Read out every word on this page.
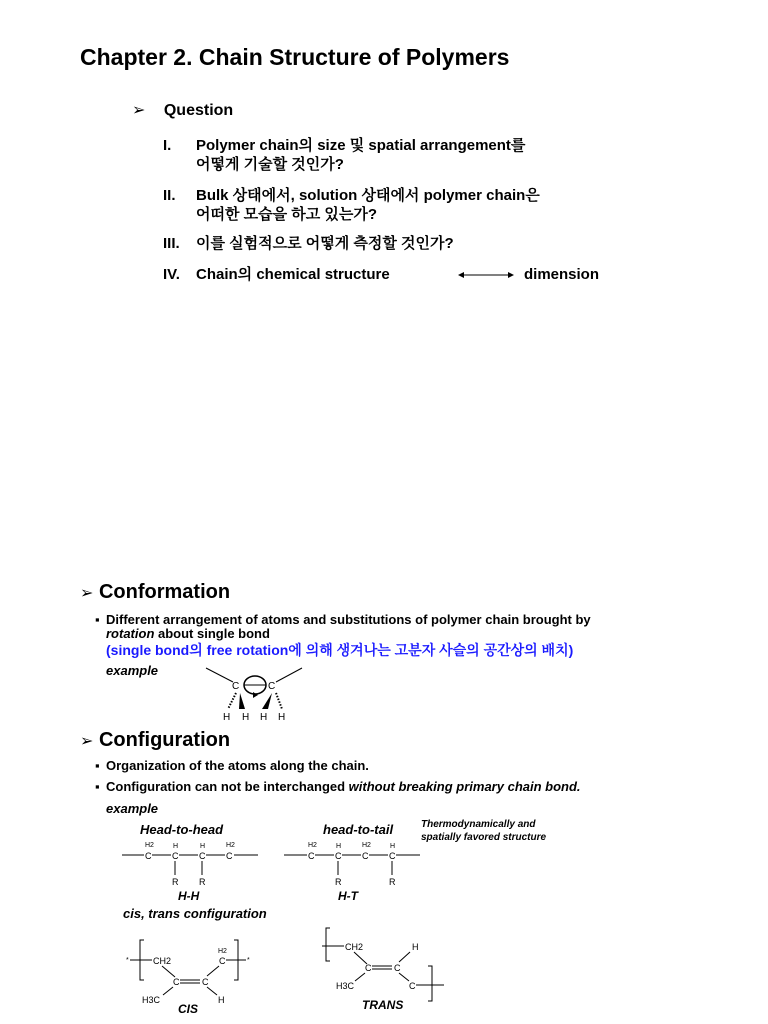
Chapter 2. Chain Structure of Polymers
➢ Question
I. Polymer chain의 size 및 spatial arrangement를
어떻게 기술할 것인가?
II. Bulk 상태에서, solution 상태에서 polymer chain은
어떠한 모습을 하고 있는가?
III. 이를 실험적으로 어떻게 측정할 것인가?
IV. Chain의 chemical structure	dimension
➢ Conformation
▪ Different arrangement of atoms and substitutions of polymer chain brought by
rotation about single bond
(single bond의 free rotation에 의해 생겨나는 고분자 사슬의 공간상의 배치)
example
C	C
H H H H
➢ Configuration
▪ Organization of the atoms along the chain.
▪ Configuration can not be interchanged without breaking primary chain bond.
example
Head-to-head	head-to-tail	Thermodynamically and
spatially favored structure
C
H2
C
H
R
C
H
R
C
H2
H-H
C
H2
C
H
R
C
H2
C
H
R
H-T
cis, trans configuration
*	CH2
C	C
C
H2
*
H3C	H
CIS
CH2
C	C
H
H3C	C
TRANS
